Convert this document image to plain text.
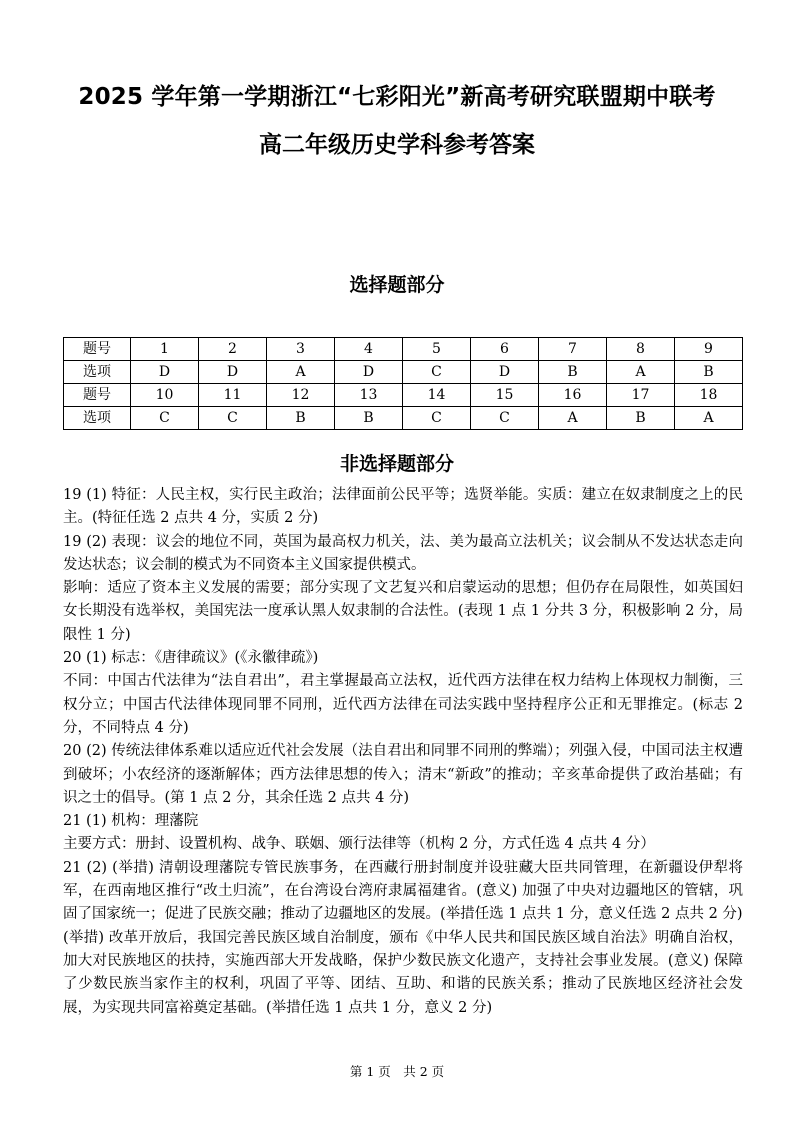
2025 学年第一学期浙江“七彩阳光”新高考研究联盟期中联考
高二年级历史学科参考答案
选择题部分
题号	1	2	3	4	5	6	7	8	9
选项	D	D	A	D	C	D	B	A	B
题号	10	11	12	13	14	15	16	17	18
选项	C	C	B	B	C	C	A	B	A
非选择题部分

19 (1) 特征：人民主权，实行民主政治；法律面前公民平等；选贤举能。实质：建立在奴隶制度之上的民主。(特征任选 2 点共 4 分，实质 2 分)

19 (2) 表现：议会的地位不同，英国为最高权力机关，法、美为最高立法机关；议会制从不发达状态走向发达状态；议会制的模式为不同资本主义国家提供模式。

影响：适应了资本主义发展的需要；部分实现了文艺复兴和启蒙运动的思想；但仍存在局限性，如英国妇女长期没有选举权，美国宪法一度承认黑人奴隶制的合法性。(表现 1 点 1 分共 3 分，积极影响 2 分，局限性 1 分)

20 (1) 标志：《唐律疏议》(《永徽律疏》)

不同：中国古代法律为“法自君出”，君主掌握最高立法权，近代西方法律在权力结构上体现权力制衡，三权分立；中国古代法律体现同罪不同刑，近代西方法律在司法实践中坚持程序公正和无罪推定。(标志 2 分，不同特点 4 分)

20 (2) 传统法律体系难以适应近代社会发展（法自君出和同罪不同刑的弊端）；列强入侵，中国司法主权遭到破坏；小农经济的逐渐解体；西方法律思想的传入；清末“新政”的推动；辛亥革命提供了政治基础；有识之士的倡导。(第 1 点 2 分，其余任选 2 点共 4 分)

21 (1) 机构：理藩院

主要方式：册封、设置机构、战争、联姻、颁行法律等（机构 2 分，方式任选 4 点共 4 分）

21 (2) (举措) 清朝设理藩院专管民族事务，在西藏行册封制度并设驻藏大臣共同管理，在新疆设伊犁将军，在西南地区推行“改土归流”，在台湾设台湾府隶属福建省。(意义) 加强了中央对边疆地区的管辖，巩固了国家统一；促进了民族交融；推动了边疆地区的发展。(举措任选 1 点共 1 分，意义任选 2 点共 2 分)

(举措) 改革开放后，我国完善民族区域自治制度，颁布《中华人民共和国民族区域自治法》明确自治权，加大对民族地区的扶持，实施西部大开发战略，保护少数民族文化遗产，支持社会事业发展。(意义) 保障了少数民族当家作主的权利，巩固了平等、团结、互助、和谐的民族关系；推动了民族地区经济社会发展，为实现共同富裕奠定基础。(举措任选 1 点共 1 分，意义 2 分)

第 1 页　共 2 页
